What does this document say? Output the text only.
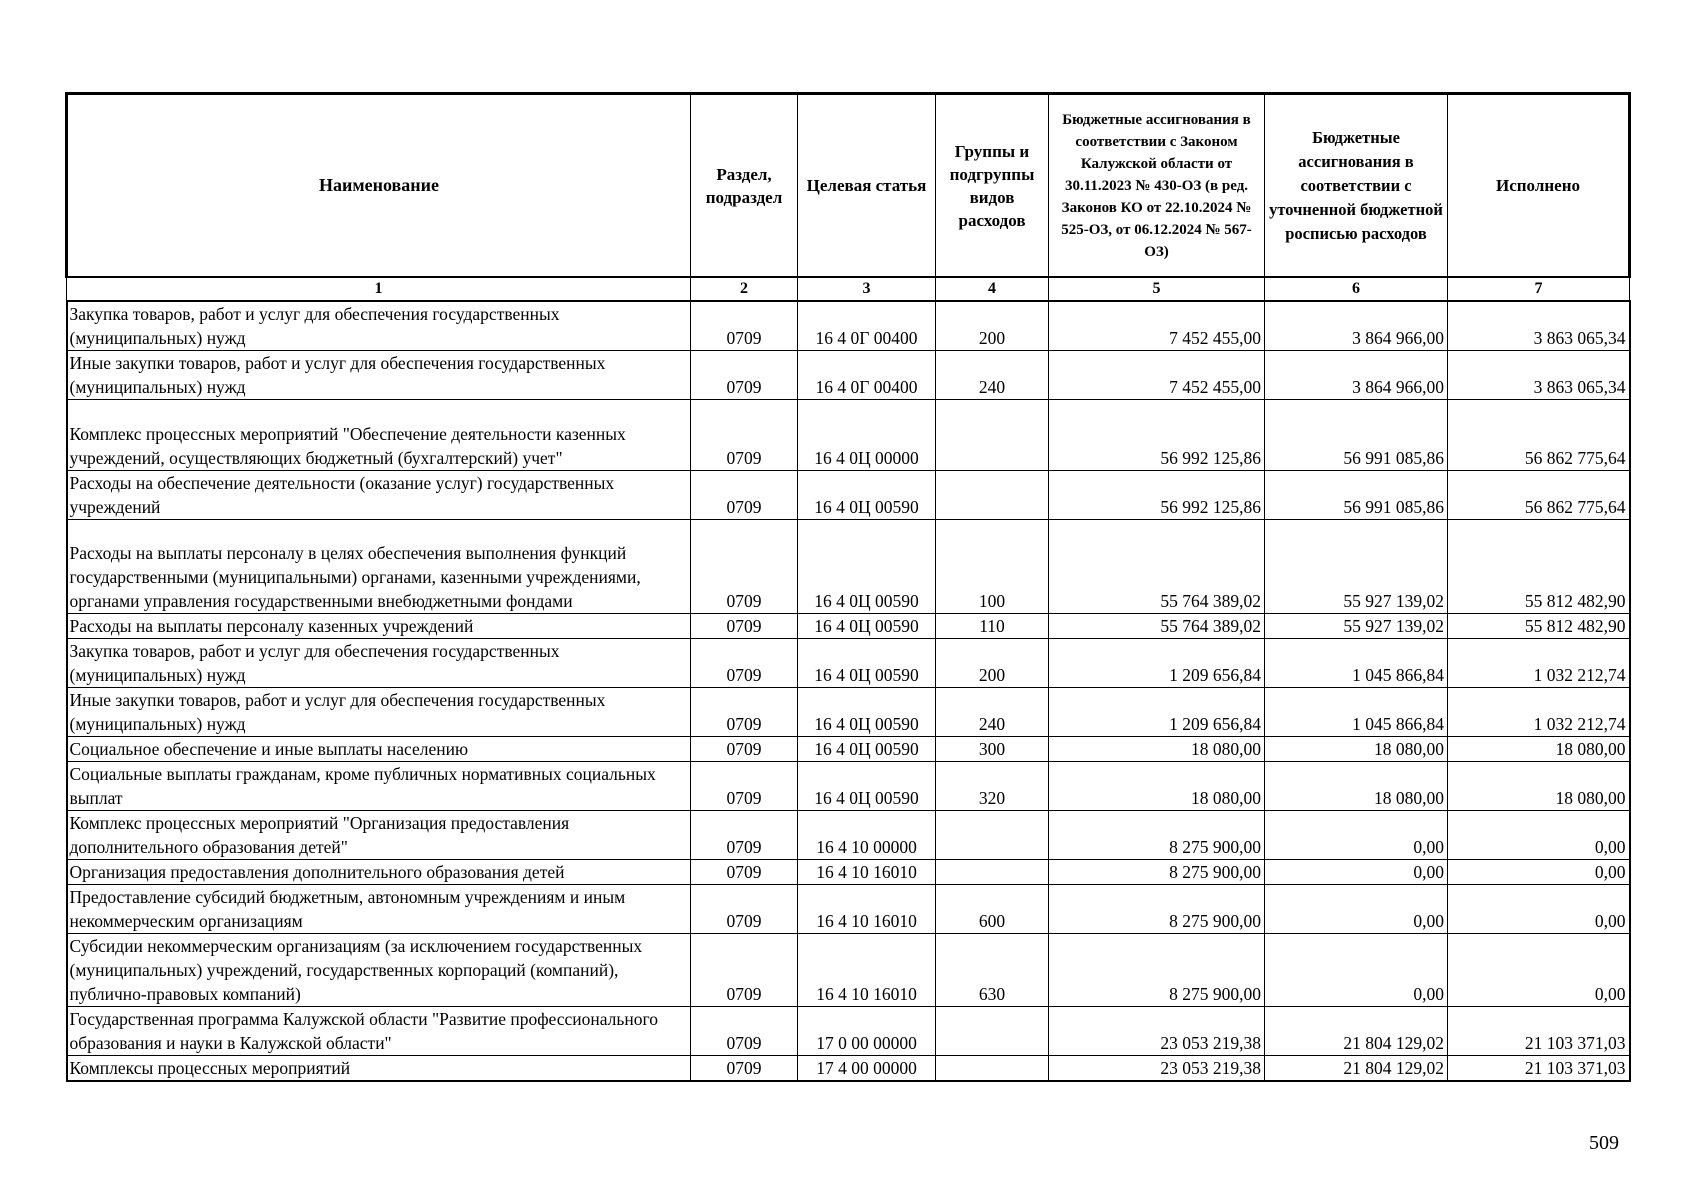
Наименование	Раздел, подраздел	Целевая статья	Группы и подгруппы видов расходов	Бюджетные ассигнования в соответствии с Законом Калужской области от 30.11.2023 № 430-ОЗ (в ред. Законов КО от 22.10.2024 № 525-ОЗ, от 06.12.2024 № 567-ОЗ)	Бюджетные ассигнования в соответствии с уточненной бюджетной росписью расходов	Исполнено
1	2	3	4	5	6	7
Закупка товаров, работ и услуг для обеспечения государственных (муниципальных) нужд	0709	16 4 0Г 00400	200	7 452 455,00	3 864 966,00	3 863 065,34
Иные закупки товаров, работ и услуг для обеспечения государственных (муниципальных) нужд	0709	16 4 0Г 00400	240	7 452 455,00	3 864 966,00	3 863 065,34
Комплекс процессных мероприятий "Обеспечение деятельности казенных учреждений, осуществляющих бюджетный (бухгалтерский) учет"	0709	16 4 0Ц 00000		56 992 125,86	56 991 085,86	56 862 775,64
Расходы на обеспечение деятельности (оказание услуг) государственных учреждений	0709	16 4 0Ц 00590		56 992 125,86	56 991 085,86	56 862 775,64
Расходы на выплаты персоналу в целях обеспечения выполнения функций государственными (муниципальными) органами, казенными учреждениями, органами управления государственными внебюджетными фондами	0709	16 4 0Ц 00590	100	55 764 389,02	55 927 139,02	55 812 482,90
Расходы на выплаты персоналу казенных учреждений	0709	16 4 0Ц 00590	110	55 764 389,02	55 927 139,02	55 812 482,90
Закупка товаров, работ и услуг для обеспечения государственных (муниципальных) нужд	0709	16 4 0Ц 00590	200	1 209 656,84	1 045 866,84	1 032 212,74
Иные закупки товаров, работ и услуг для обеспечения государственных (муниципальных) нужд	0709	16 4 0Ц 00590	240	1 209 656,84	1 045 866,84	1 032 212,74
Социальное обеспечение и иные выплаты населению	0709	16 4 0Ц 00590	300	18 080,00	18 080,00	18 080,00
Социальные выплаты гражданам, кроме публичных нормативных социальных выплат	0709	16 4 0Ц 00590	320	18 080,00	18 080,00	18 080,00
Комплекс процессных мероприятий "Организация предоставления дополнительного образования детей"	0709	16 4 10 00000		8 275 900,00	0,00	0,00
Организация предоставления дополнительного образования детей	0709	16 4 10 16010		8 275 900,00	0,00	0,00
Предоставление субсидий бюджетным, автономным учреждениям и иным некоммерческим организациям	0709	16 4 10 16010	600	8 275 900,00	0,00	0,00
Субсидии некоммерческим организациям (за исключением государственных (муниципальных) учреждений, государственных корпораций (компаний), публично-правовых компаний)	0709	16 4 10 16010	630	8 275 900,00	0,00	0,00
Государственная программа Калужской области "Развитие профессионального образования и науки в Калужской области"	0709	17 0 00 00000		23 053 219,38	21 804 129,02	21 103 371,03
Комплексы процессных мероприятий	0709	17 4 00 00000		23 053 219,38	21 804 129,02	21 103 371,03
509
